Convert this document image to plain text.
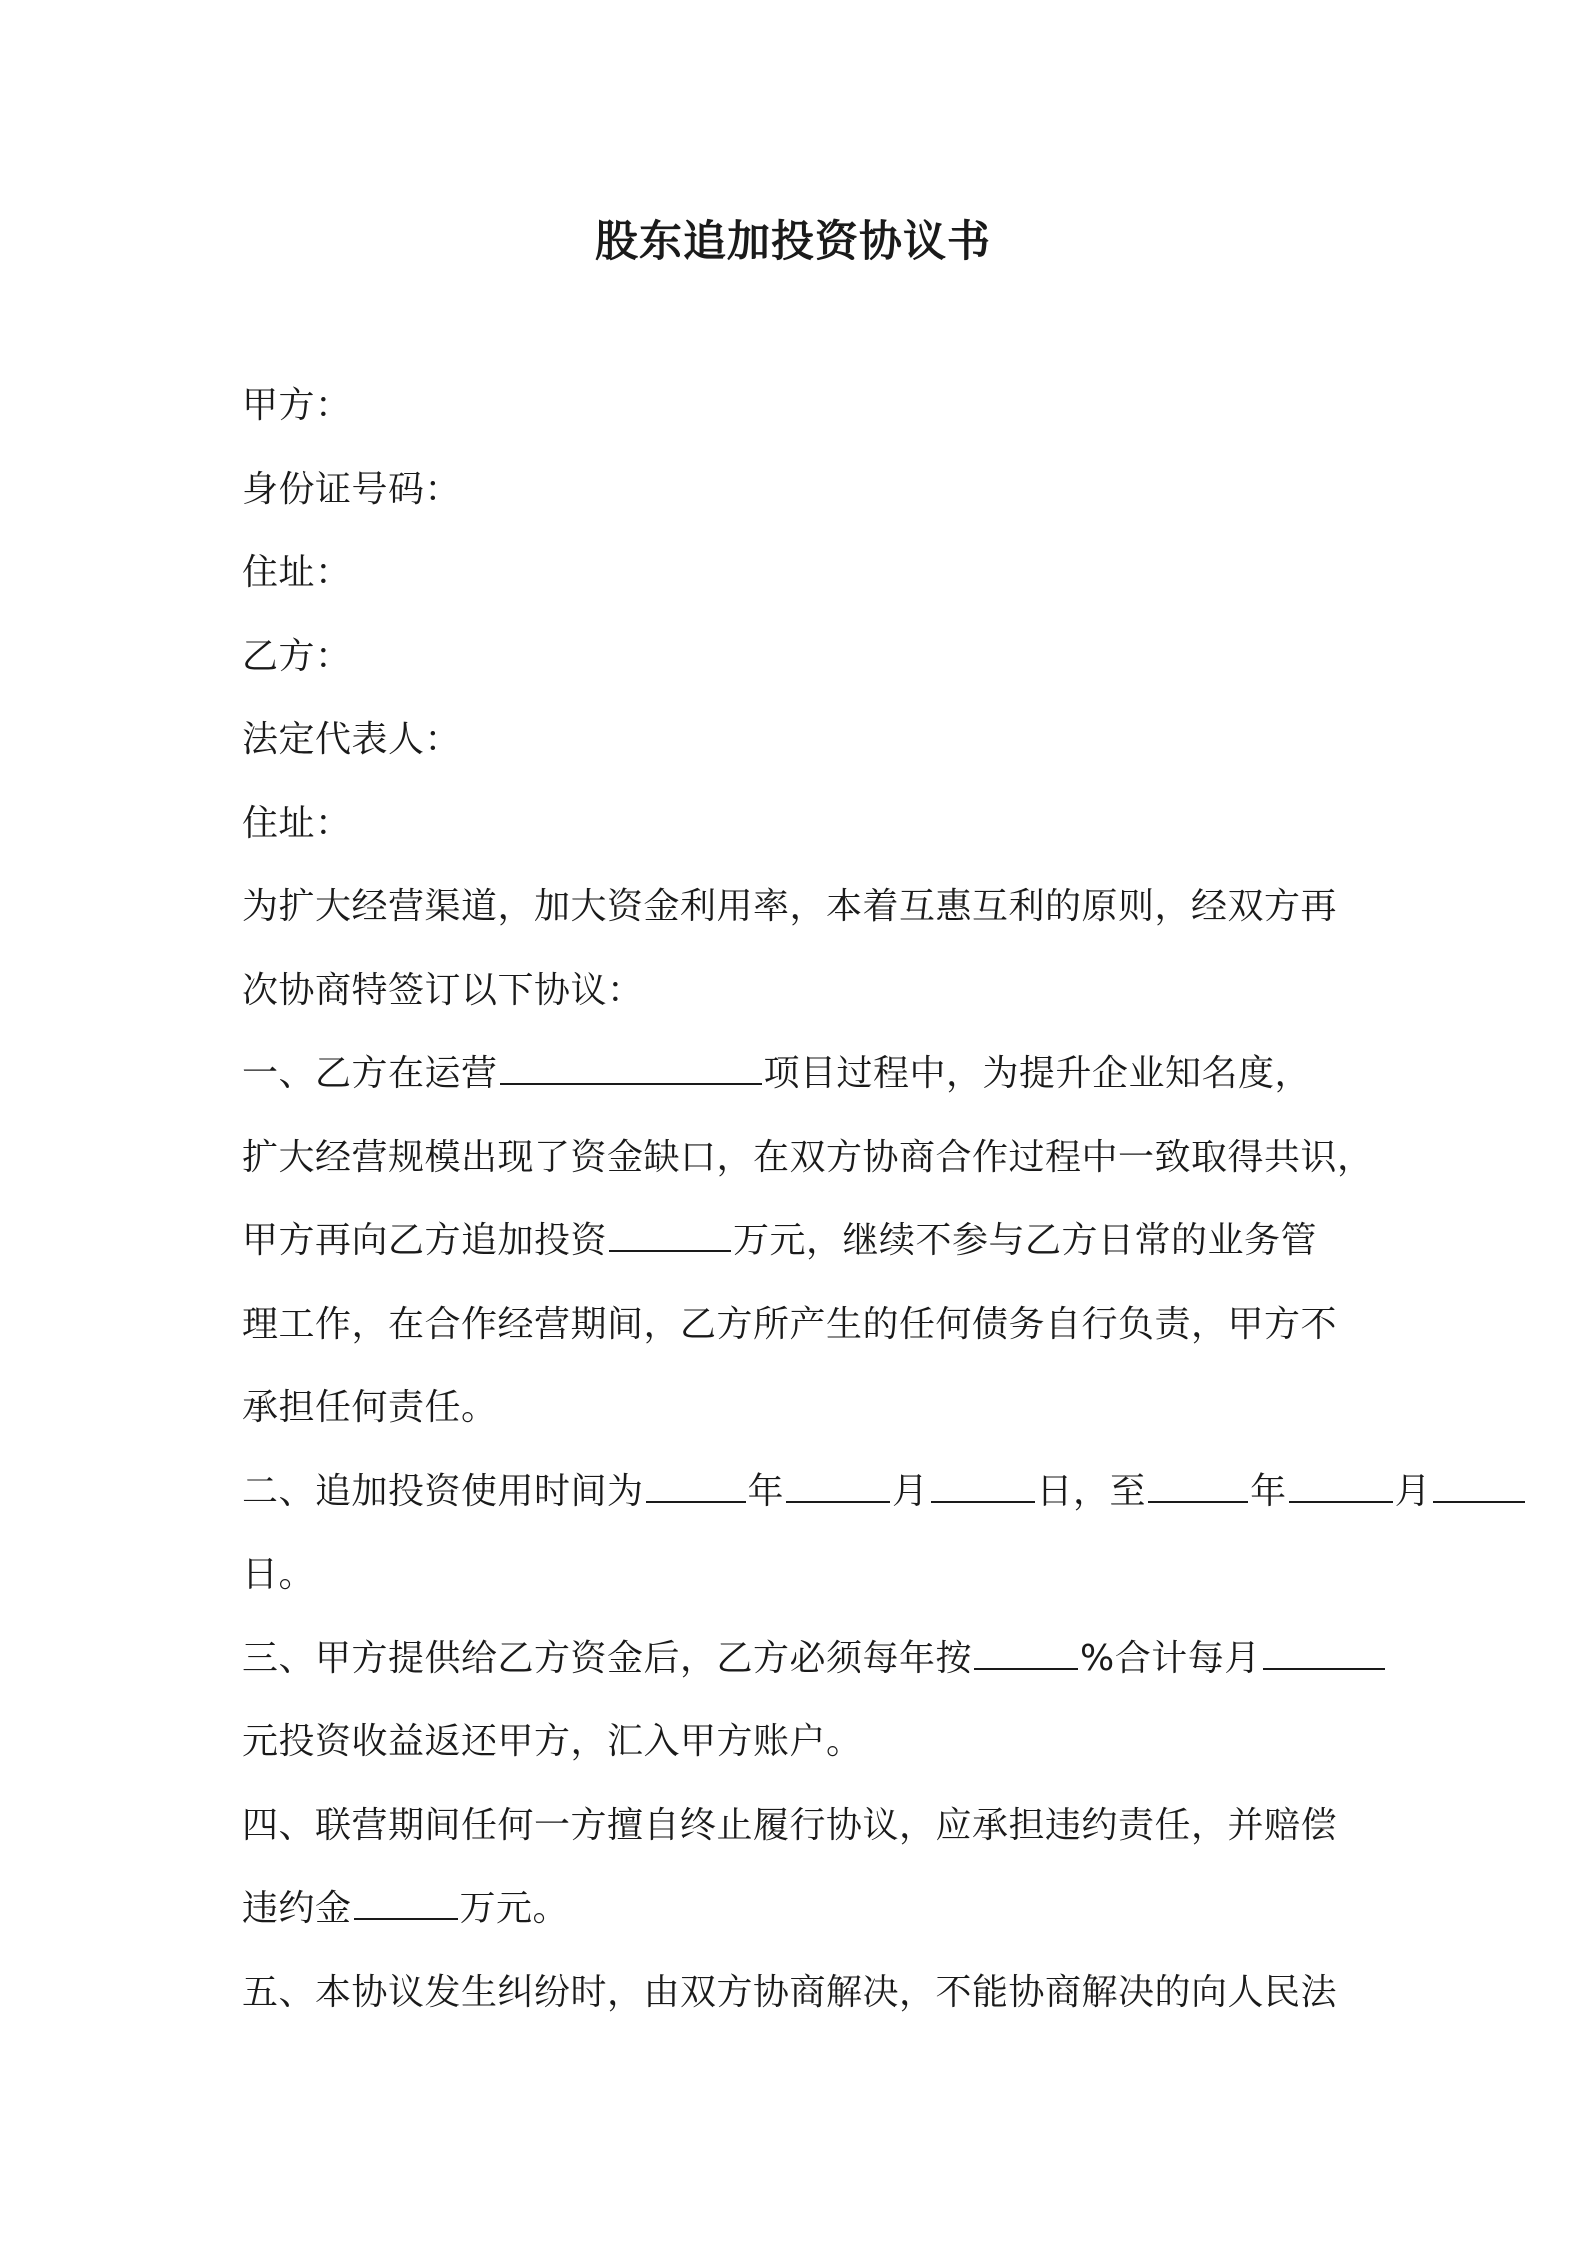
股东追加投资协议书
甲方：
身份证号码：
住址：
乙方：
法定代表人：
住址：
为扩大经营渠道，加大资金利用率，本着互惠互利的原则，经双方再
次协商特签订以下协议：
一、乙方在运营	项目过程中，为提升企业知名度，
扩大经营规模出现了资金缺口，在双方协商合作过程中一致取得共识，
甲方再向乙方追加投资	万元，继续不参与乙方日常的业务管
理工作，在合作经营期间，乙方所产生的任何债务自行负责，甲方不
承担任何责任。
二、追加投资使用时间为	年	月	日，至	年	月
日。
三、甲方提供给乙方资金后，乙方必须每年按	%合计每月
元投资收益返还甲方，汇入甲方账户。
四、联营期间任何一方擅自终止履行协议，应承担违约责任，并赔偿
违约金	万元。
五、本协议发生纠纷时，由双方协商解决，不能协商解决的向人民法
